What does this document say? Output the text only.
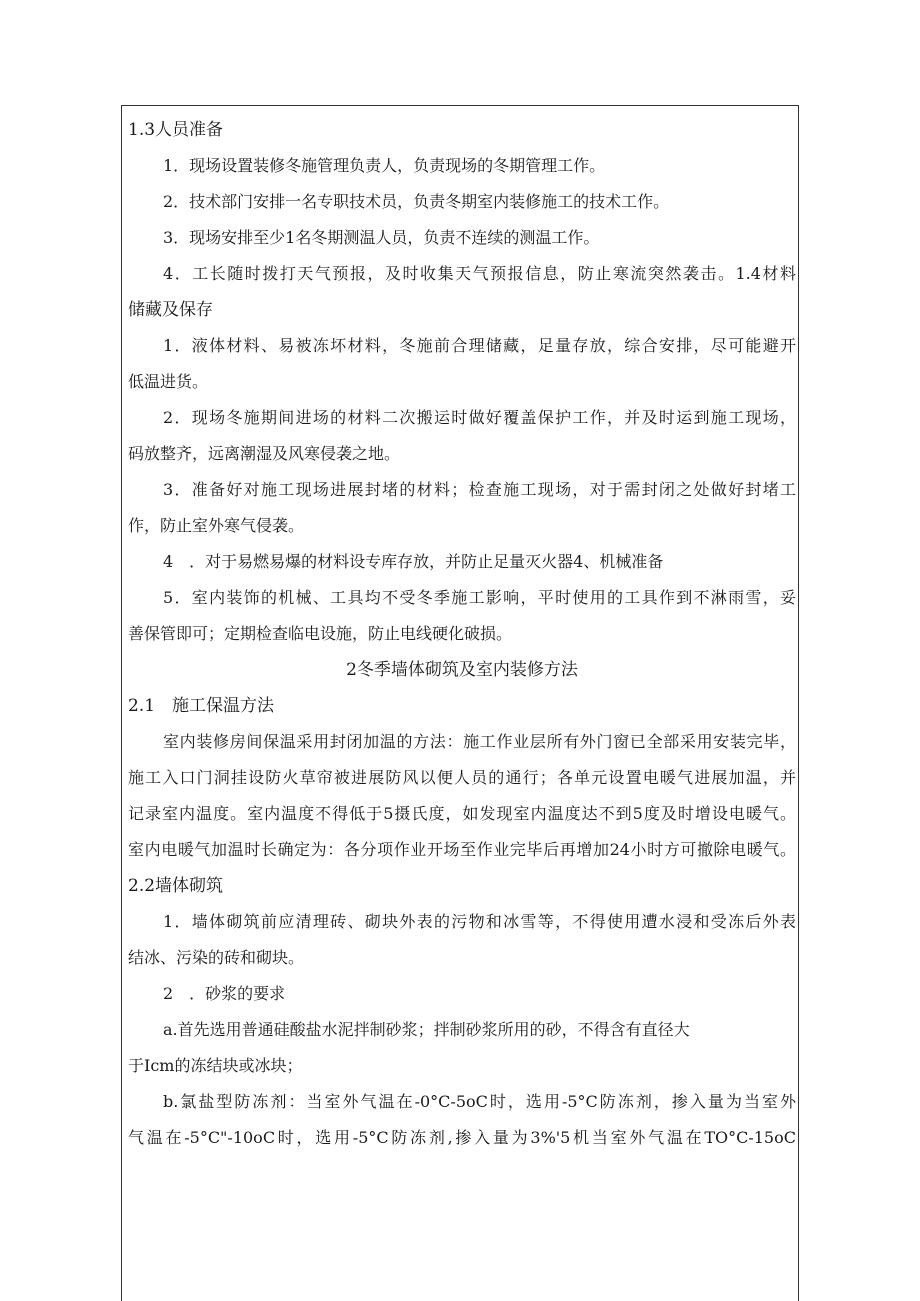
1.3人员准备
1．现场设置装修冬施管理负责人，负责现场的冬期管理工作。
2．技术部门安排一名专职技术员，负责冬期室内装修施工的技术工作。
3．现场安排至少1名冬期测温人员，负责不连续的测温工作。
4．工长随时拨打天气预报，及时收集天气预报信息，防止寒流突然袭击。1.4材料
储藏及保存
1．液体材料、易被冻坏材料，冬施前合理储藏，足量存放，综合安排，尽可能避开
低温进货。
2．现场冬施期间进场的材料二次搬运时做好覆盖保护工作，并及时运到施工现场，
码放整齐，远离潮湿及风寒侵袭之地。
3．准备好对施工现场进展封堵的材料；检查施工现场，对于需封闭之处做好封堵工
作，防止室外寒气侵袭。
4　．对于易燃易爆的材料设专库存放，并防止足量灭火器4、机械准备
5．室内装饰的机械、工具均不受冬季施工影响，平时使用的工具作到不淋雨雪，妥
善保管即可；定期检查临电设施，防止电线硬化破损。
2冬季墙体砌筑及室内装修方法
2.1　施工保温方法
室内装修房间保温采用封闭加温的方法：施工作业层所有外门窗已全部采用安装完毕，
施工入口门洞挂设防火草帘被进展防风以便人员的通行；各单元设置电暖气进展加温，并
记录室内温度。室内温度不得低于5摄氏度，如发现室内温度达不到5度及时增设电暖气。
室内电暖气加温时长确定为：各分项作业开场至作业完毕后再增加24小时方可撤除电暖气。
2.2墙体砌筑
1．墙体砌筑前应清理砖、砌块外表的污物和冰雪等，不得使用遭水浸和受冻后外表
结冰、污染的砖和砌块。
2　．砂浆的要求
a.首先选用普通硅酸盐水泥拌制砂浆；拌制砂浆所用的砂，不得含有直径大
于Icm的冻结块或冰块；
b.氯盐型防冻剂：当室外气温在-0°C-5oC时，选用-5°C防冻剂，掺入量为当室外
气温在-5°C"-10oC时，选用-5°C防冻剂,掺入量为3%'5机当室外气温在TO°C-15oC
